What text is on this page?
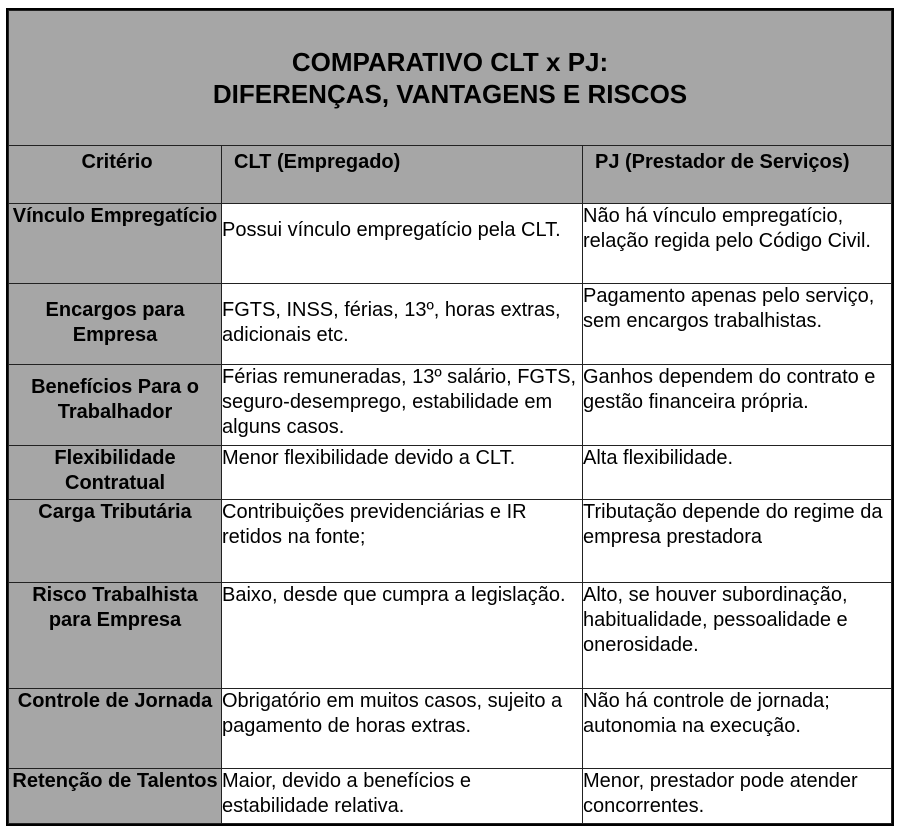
COMPARATIVO CLT x PJ:
DIFERENÇAS, VANTAGENS E RISCOS		

Critério	CLT (Empregado)	PJ (Prestador de Serviços)

Vínculo Empregatício	Possui vínculo empregatício pela CLT.	Não há vínculo empregatício, relação regida pelo Código Civil.
Encargos para Empresa	FGTS, INSS, férias, 13º, horas extras, adicionais etc.	Pagamento apenas pelo serviço, sem encargos trabalhistas.
Benefícios Para o Trabalhador	Férias remuneradas, 13º salário, FGTS, seguro-desemprego, estabilidade em alguns casos.	Ganhos dependem do contrato e gestão financeira própria.
Flexibilidade Contratual	Menor flexibilidade devido a CLT.	Alta flexibilidade.
Carga Tributária	Contribuições previdenciárias e IR retidos na fonte;	Tributação depende do regime da empresa prestadora
Risco Trabalhista para Empresa	Baixo, desde que cumpra a legislação.	Alto, se houver subordinação, habitualidade, pessoalidade e onerosidade.
Controle de Jornada	Obrigatório em muitos casos, sujeito a pagamento de horas extras.	Não há controle de jornada; autonomia na execução.
Retenção de Talentos	Maior, devido a benefícios e estabilidade relativa.	Menor, prestador pode atender concorrentes.
